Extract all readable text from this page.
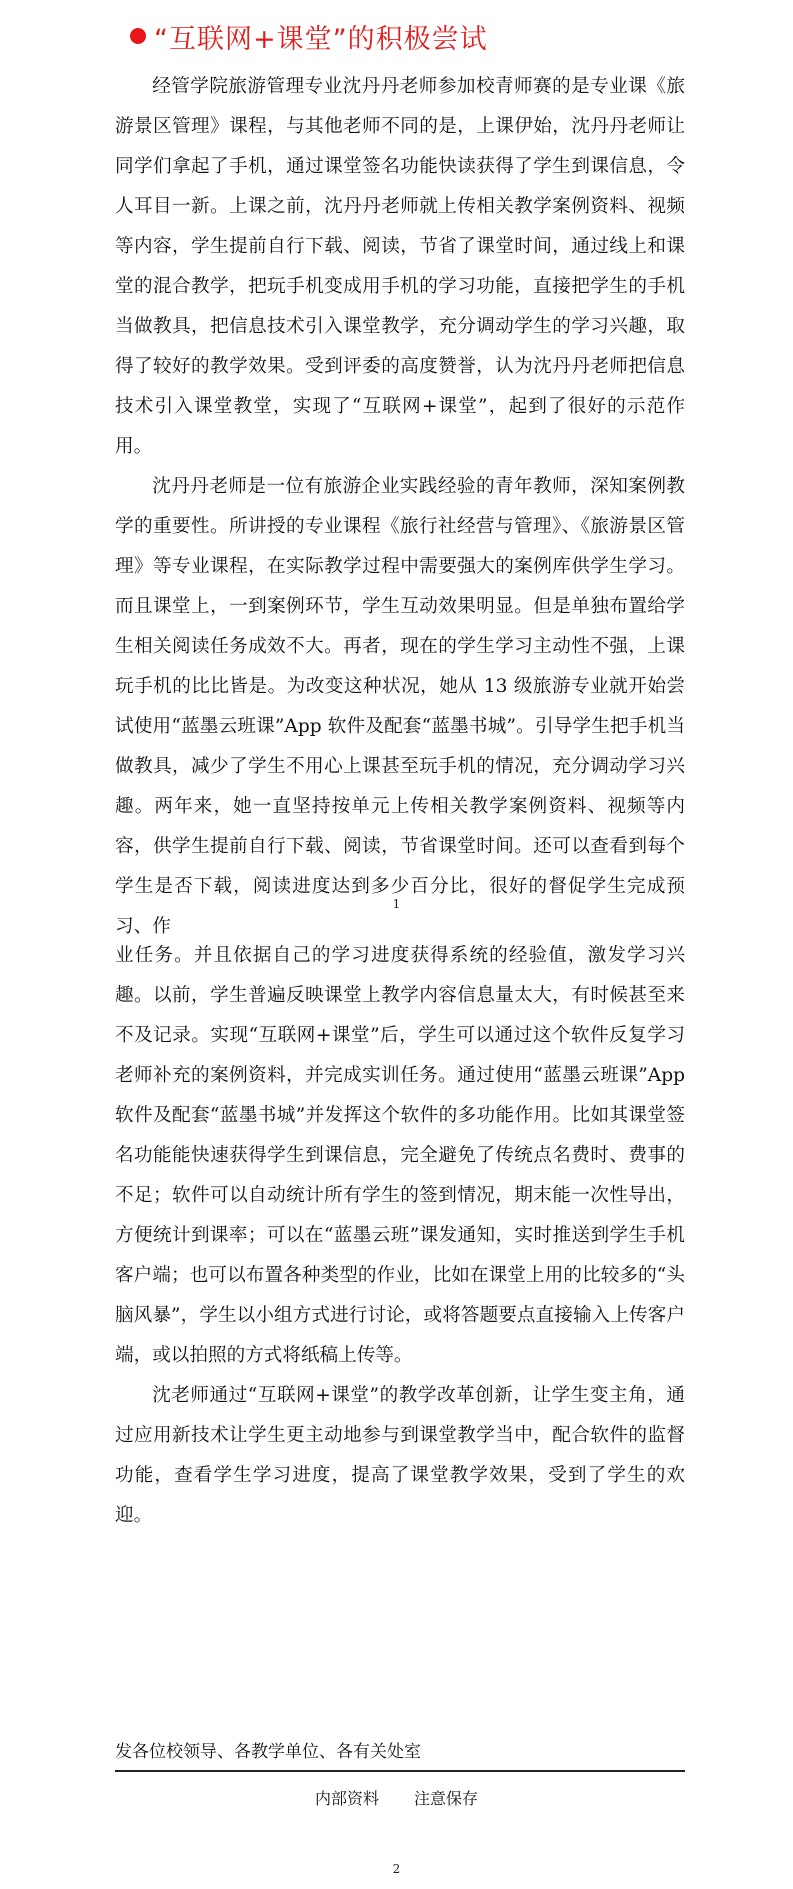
“互联网+课堂”的积极尝试

经管学院旅游管理专业沈丹丹老师参加校青师赛的是专业课《旅游景区管理》课程，与其他老师不同的是，上课伊始，沈丹丹老师让同学们拿起了手机，通过课堂签名功能快读获得了学生到课信息，令人耳目一新。上课之前，沈丹丹老师就上传相关教学案例资料、视频等内容，学生提前自行下载、阅读，节省了课堂时间，通过线上和课堂的混合教学，把玩手机变成用手机的学习功能，直接把学生的手机当做教具，把信息技术引入课堂教学，充分调动学生的学习兴趣，取得了较好的教学效果。受到评委的高度赞誉，认为沈丹丹老师把信息技术引入课堂教堂，实现了“互联网+课堂”，起到了很好的示范作用。

沈丹丹老师是一位有旅游企业实践经验的青年教师，深知案例教学的重要性。所讲授的专业课程《旅行社经营与管理》、《旅游景区管理》等专业课程，在实际教学过程中需要强大的案例库供学生学习。而且课堂上，一到案例环节，学生互动效果明显。但是单独布置给学生相关阅读任务成效不大。再者，现在的学生学习主动性不强，上课玩手机的比比皆是。为改变这种状况，她从 13 级旅游专业就开始尝试使用“蓝墨云班课”App 软件及配套“蓝墨书城”。引导学生把手机当做教具，减少了学生不用心上课甚至玩手机的情况，充分调动学习兴趣。两年来，她一直坚持按单元上传相关教学案例资料、视频等内容，供学生提前自行下载、阅读，节省课堂时间。还可以查看到每个学生是否下载，阅读进度达到多少百分比，很好的督促学生完成预习、作

1

业任务。并且依据自己的学习进度获得系统的经验值，激发学习兴趣。以前，学生普遍反映课堂上教学内容信息量太大，有时候甚至来不及记录。实现“互联网+课堂”后，学生可以通过这个软件反复学习老师补充的案例资料，并完成实训任务。通过使用“蓝墨云班课”App 软件及配套“蓝墨书城”并发挥这个软件的多功能作用。比如其课堂签名功能能快速获得学生到课信息，完全避免了传统点名费时、费事的不足；软件可以自动统计所有学生的签到情况，期末能一次性导出，方便统计到课率；可以在“蓝墨云班”课发通知，实时推送到学生手机客户端；也可以布置各种类型的作业，比如在课堂上用的比较多的“头脑风暴”，学生以小组方式进行讨论，或将答题要点直接输入上传客户端，或以拍照的方式将纸稿上传等。

沈老师通过“互联网+课堂”的教学改革创新，让学生变主角，通过应用新技术让学生更主动地参与到课堂教学当中，配合软件的监督功能，查看学生学习进度，提高了课堂教学效果，受到了学生的欢迎。

发各位校领导、各教学单位、各有关处室
内部资料 注意保存
2
